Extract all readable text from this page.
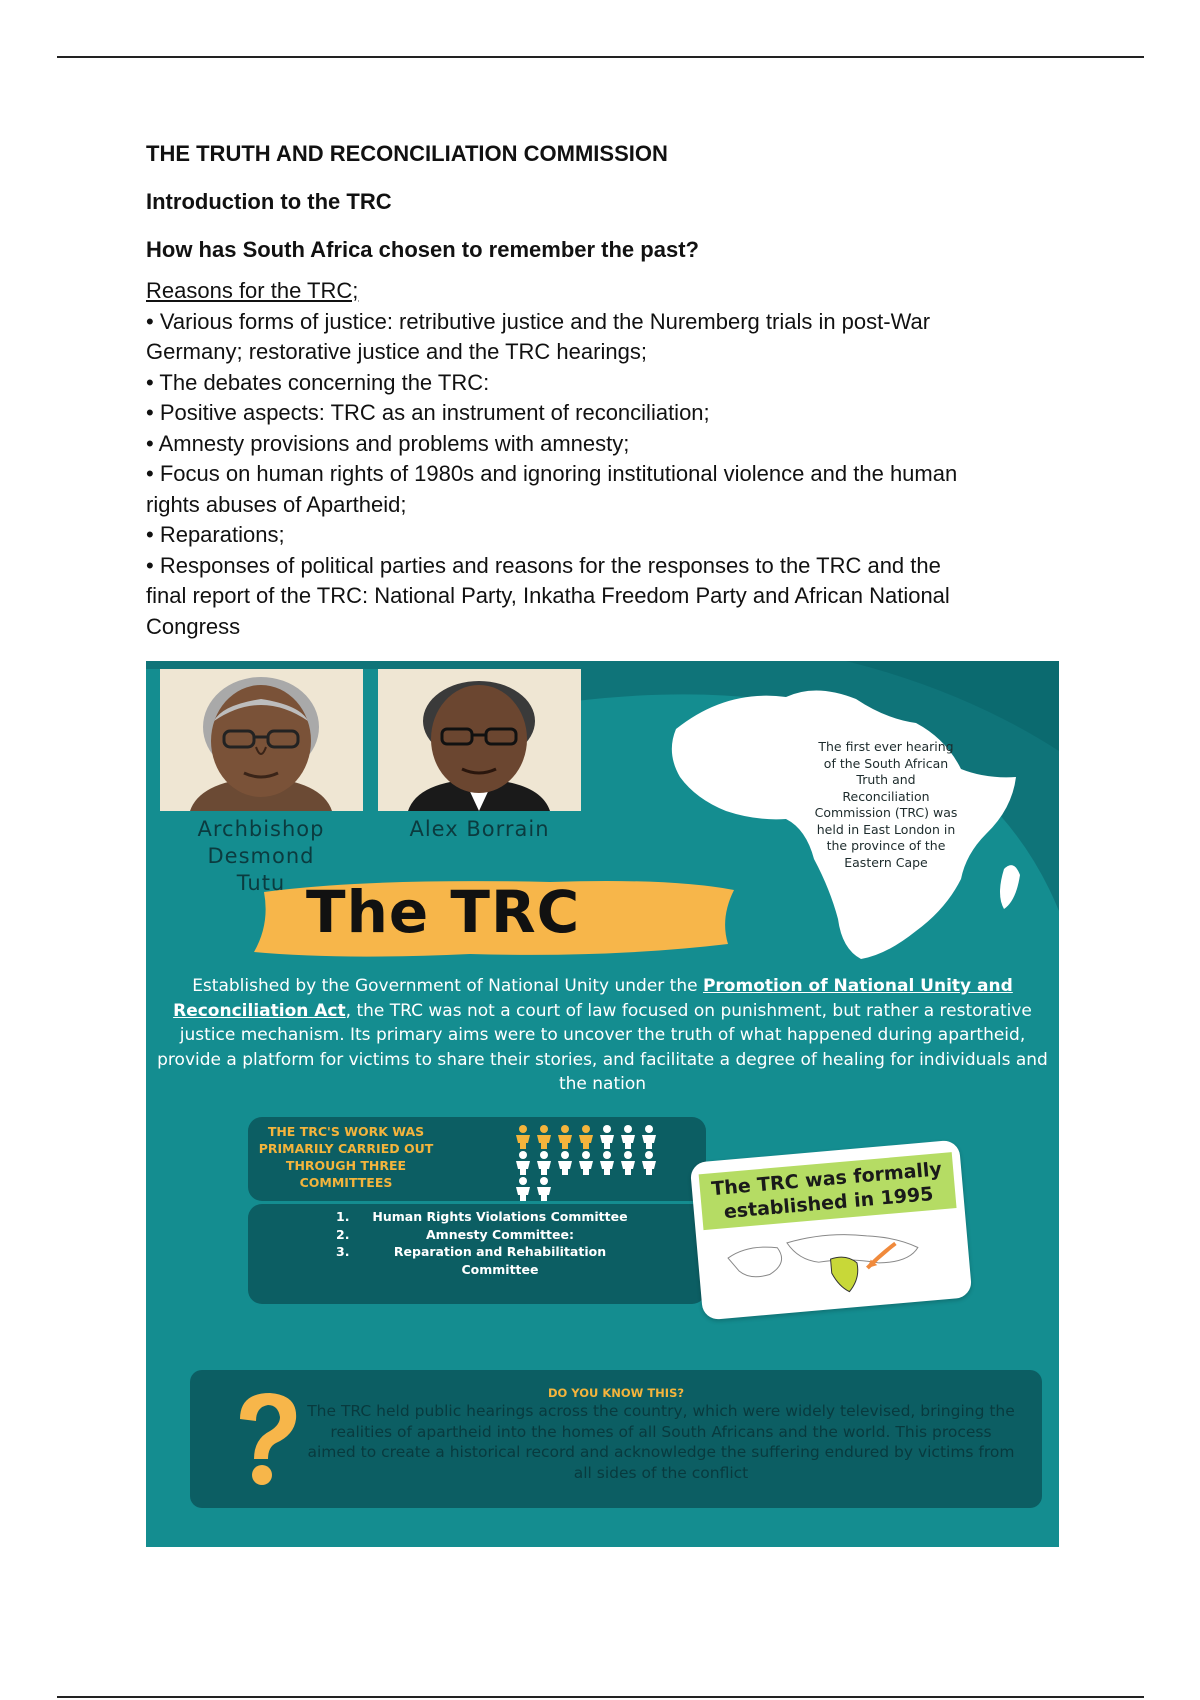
THE TRUTH AND RECONCILIATION COMMISSION
Introduction to the TRC
How has South Africa chosen to remember the past?
Reasons for the TRC;
• Various forms of justice: retributive justice and the Nuremberg trials in post-War
Germany; restorative justice and the TRC hearings;
• The debates concerning the TRC:
• Positive aspects: TRC as an instrument of reconciliation;
• Amnesty provisions and problems with amnesty;
• Focus on human rights of 1980s and ignoring institutional violence and the human
rights abuses of Apartheid;
• Reparations;
• Responses of political parties and reasons for the responses to the TRC and the
final report of the TRC: National Party, Inkatha Freedom Party and African National
Congress
Archbishop
Desmond
Tutu
Alex Borrain
The first ever hearing
of the South African
Truth and
Reconciliation
Commission (TRC) was
held in East London in
the province of the
Eastern Cape
The TRC
Established by the Government of National Unity under the Promotion of National Unity and Reconciliation Act, the TRC was not a court of law focused on punishment, but rather a restorative justice mechanism. Its primary aims were to uncover the truth of what happened during apartheid, provide a platform for victims to share their stories, and facilitate a degree of healing for individuals and the nation
THE TRC'S WORK WAS PRIMARILY CARRIED OUT THROUGH THREE COMMITTEES
1.	Human Rights Violations Committee
2.	Amnesty Committee:
3.	Reparation and Rehabilitation Committee
The TRC was formally established in 1995
DO YOU KNOW THIS?
The TRC held public hearings across the country, which were widely televised, bringing the realities of apartheid into the homes of all South Africans and the world. This process aimed to create a historical record and acknowledge the suffering endured by victims from all sides of the conflict
